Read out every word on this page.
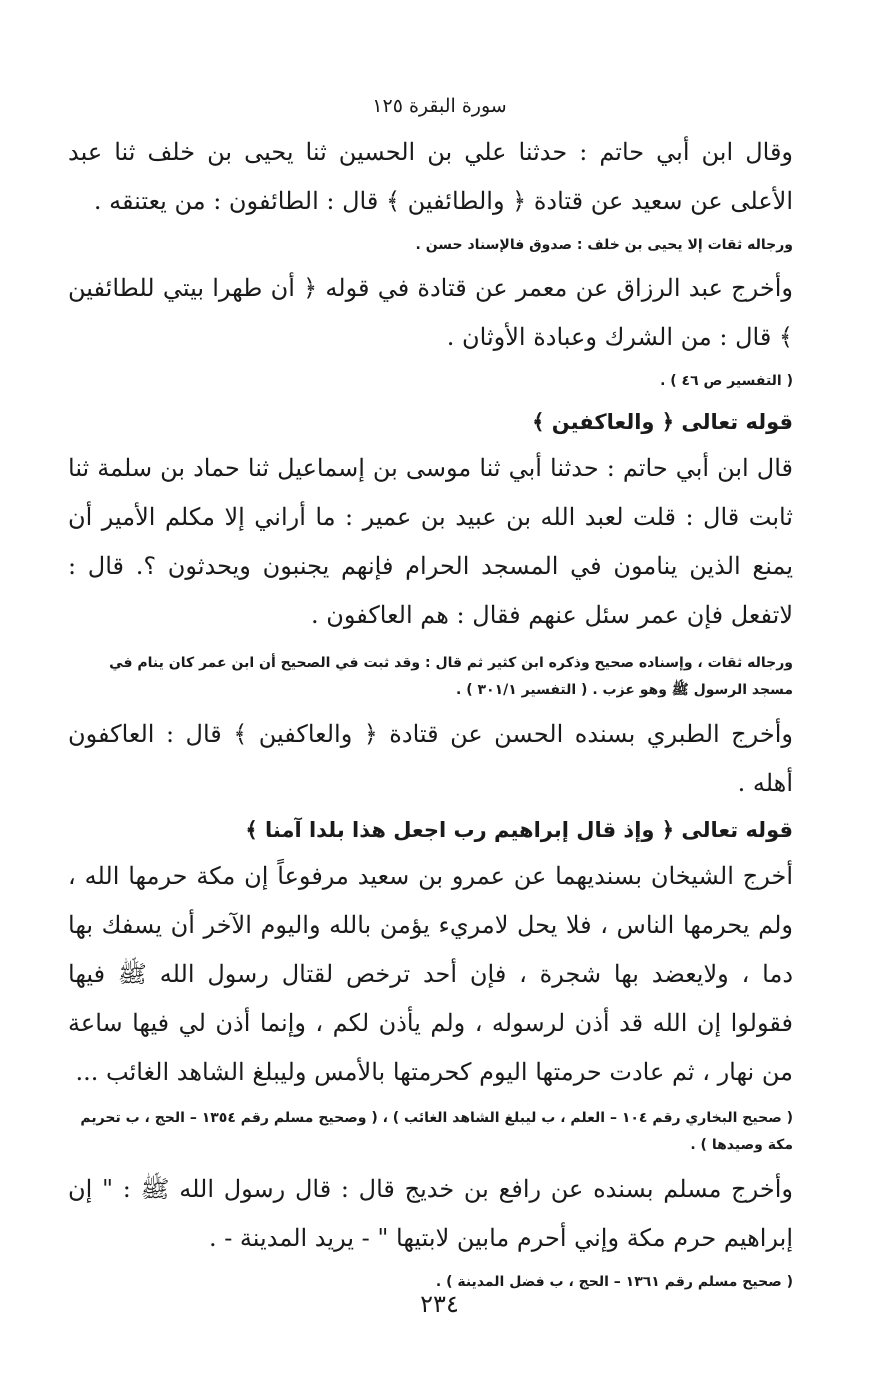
سورة البقرة ١٢٥

وقال ابن أبي حاتم : حدثنا علي بن الحسين ثنا يحيى بن خلف ثنا عبد الأعلى عن سعيد عن قتادة ﴿ والطائفين ﴾ قال : الطائفون : من يعتنقه .

ورجاله ثقات إلا يحيى بن خلف : صدوق فالإسناد حسن .

وأخرج عبد الرزاق عن معمر عن قتادة في قوله ﴿ أن طهرا بيتي للطائفين ﴾ قال : من الشرك وعبادة الأوثان .

( التفسير ص ٤٦ ) .

قوله تعالى ﴿ والعاكفين ﴾

قال ابن أبي حاتم : حدثنا أبي ثنا موسى بن إسماعيل ثنا حماد بن سلمة ثنا ثابت قال : قلت لعبد الله بن عبيد بن عمير : ما أراني إلا مكلم الأمير أن يمنع الذين ينامون في المسجد الحرام فإنهم يجنبون ويحدثون ؟. قال : لاتفعل فإن عمر سئل عنهم فقال : هم العاكفون .

ورجاله ثقات ، وإسناده صحيح وذكره ابن كثير ثم قال : وقد ثبت في الصحيح أن ابن عمر كان ينام في مسجد الرسول ﷺ وهو عزب . ( التفسير ٣٠١/١ ) .

وأخرج الطبري بسنده الحسن عن قتادة ﴿ والعاكفين ﴾ قال : العاكفون أهله .

قوله تعالى ﴿ وإذ قال إبراهيم رب اجعل هذا بلدا آمنا ﴾

أخرج الشيخان بسنديهما عن عمرو بن سعيد مرفوعاً إن مكة حرمها الله ، ولم يحرمها الناس ، فلا يحل لامريء يؤمن بالله واليوم الآخر أن يسفك بها دما ، ولايعضد بها شجرة ، فإن أحد ترخص لقتال رسول الله ﷺ فيها فقولوا إن الله قد أذن لرسوله ، ولم يأذن لكم ، وإنما أذن لي فيها ساعة من نهار ، ثم عادت حرمتها اليوم كحرمتها بالأمس وليبلغ الشاهد الغائب ...

( صحيح البخاري رقم ١٠٤ – العلم ، ب ليبلغ الشاهد الغائب ) ، ( وصحيح مسلم رقم ١٣٥٤ – الحج ، ب تحريم مكة وصيدها ) .

وأخرج مسلم بسنده عن رافع بن خديج قال : قال رسول الله ﷺ : " إن إبراهيم حرم مكة وإني أحرم مابين لابتيها " - يريد المدينة - .

( صحيح مسلم رقم ١٣٦١ – الحج ، ب فضل المدينة ) .

٢٣٤
